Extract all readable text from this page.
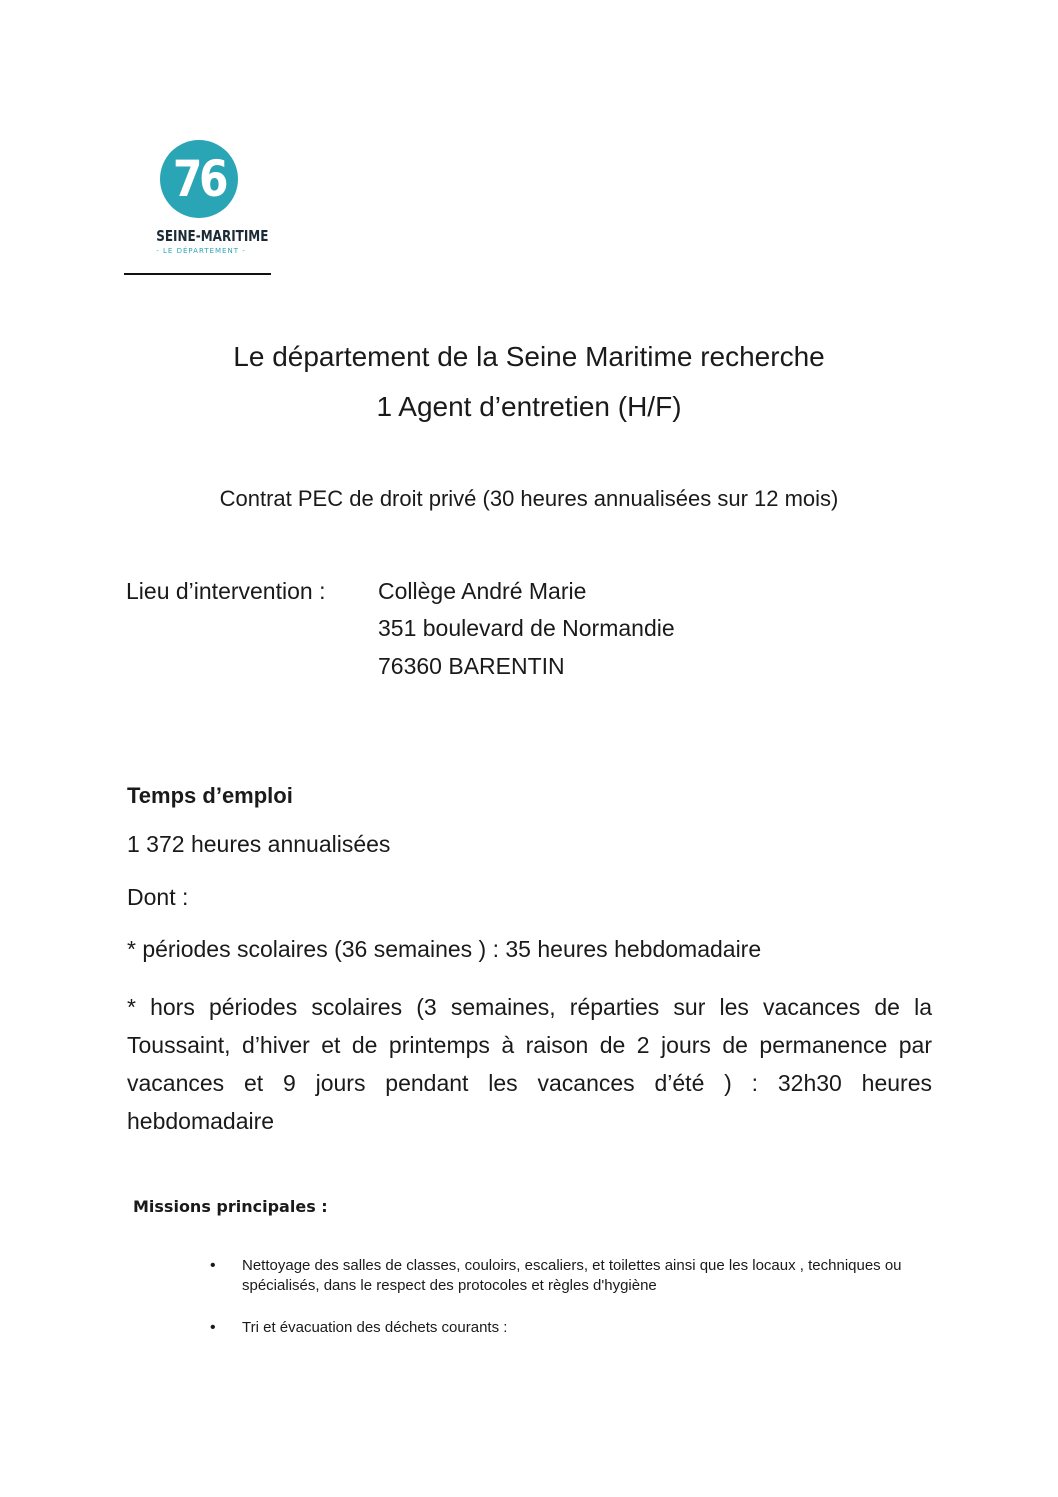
76
SEINE-MARITIME
- LE DÉPARTEMENT -
Le département de la Seine Maritime recherche
1 Agent d’entretien (H/F)
Contrat PEC de droit privé (30 heures annualisées sur 12 mois)
Lieu d’intervention : Collège André Marie
351 boulevard de Normandie
76360 BARENTIN
Temps d’emploi
1 372 heures annualisées
Dont :
* périodes scolaires (36 semaines ) : 35 heures hebdomadaire
* hors périodes scolaires (3 semaines, réparties sur les vacances de la Toussaint, d’hiver et de printemps à raison de 2 jours de permanence par vacances et 9 jours pendant les vacances d’été ) : 32h30 heures hebdomadaire
Missions principales :
• Nettoyage des salles de classes, couloirs, escaliers, et toilettes ainsi que les locaux , techniques ou spécialisés, dans le respect des protocoles et règles d'hygiène
• Tri et évacuation des déchets courants :
